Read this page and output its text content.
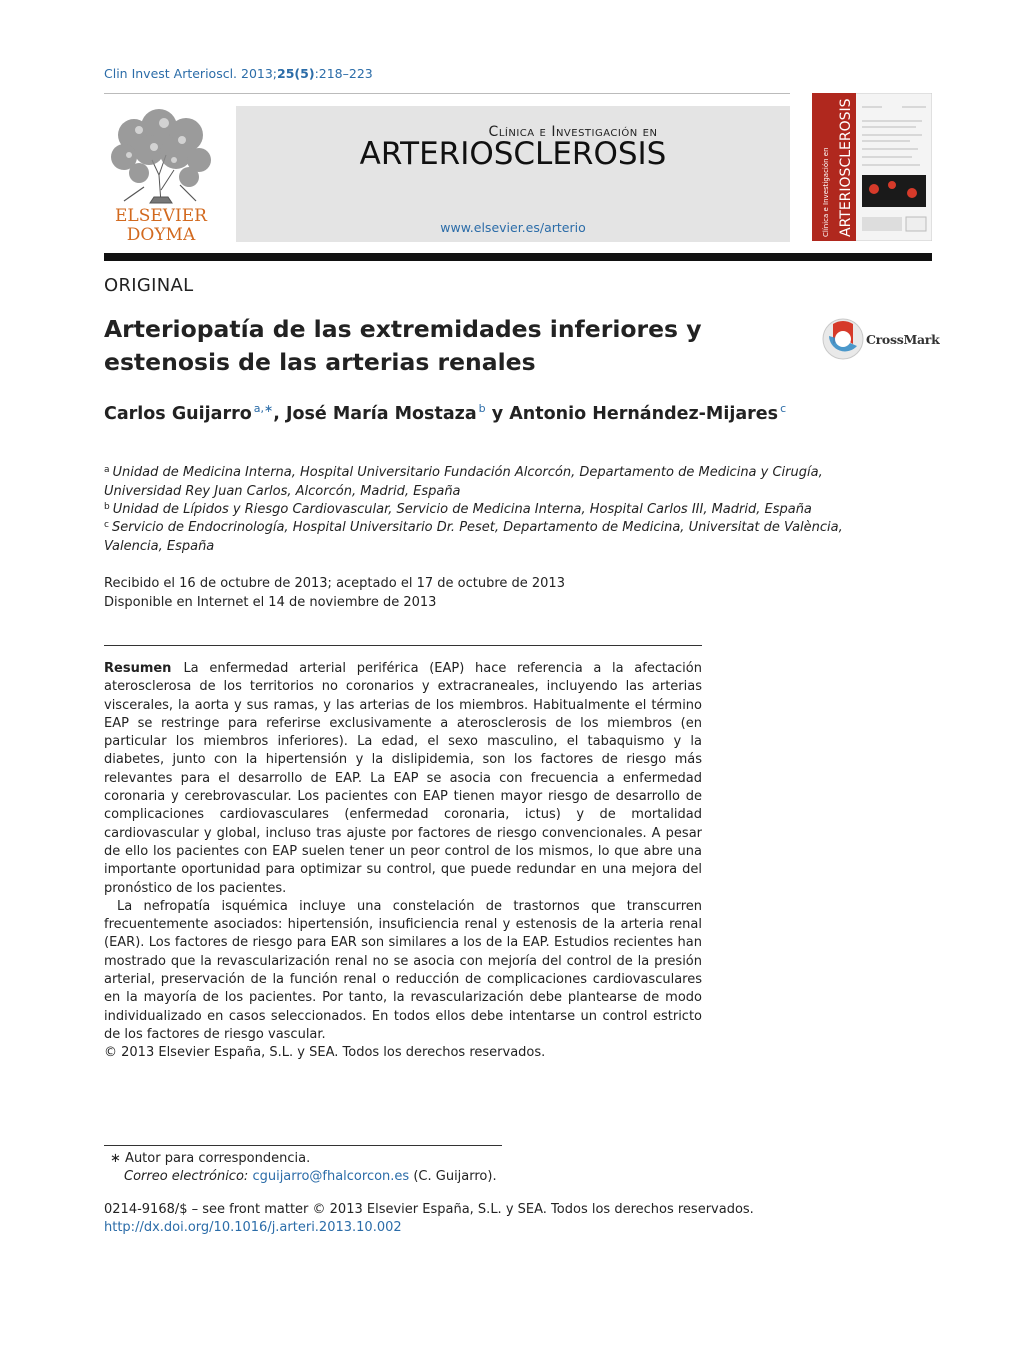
Clin Invest Arterioscl. 2013;25(5):218–223
ELSEVIER
DOYMA
Clínica e Investigación en
ARTERIOSCLEROSIS
www.elsevier.es/arterio	ARTERIOSCLEROSIS
Clínica e Investigación en
ORIGINAL
Arteriopatía de las extremidades inferiores y estenosis de las arterias renales
CrossMark
Carlos Guijarro $^{a,∗}$, José María Mostaza $^b$ y Antonio Hernández-Mijares $^c$
$^a$ Unidad de Medicina Interna, Hospital Universitario Fundación Alcorcón, Departamento de Medicina y Cirugía, Universidad Rey Juan Carlos, Alcorcón, Madrid, España
$^b$ Unidad de Lípidos y Riesgo Cardiovascular, Servicio de Medicina Interna, Hospital Carlos III, Madrid, España
$^c$ Servicio de Endocrinología, Hospital Universitario Dr. Peset, Departamento de Medicina, Universitat de València, Valencia, España
Recibido el 16 de octubre de 2013; aceptado el 17 de octubre de 2013
Disponible en Internet el 14 de noviembre de 2013

Resumen La enfermedad arterial periférica (EAP) hace referencia a la afectación aterosclerosa de los territorios no coronarios y extracraneales, incluyendo las arterias viscerales, la aorta y sus ramas, y las arterias de los miembros. Habitualmente el término EAP se restringe para referirse exclusivamente a aterosclerosis de los miembros (en particular los miembros inferiores). La edad, el sexo masculino, el tabaquismo y la diabetes, junto con la hipertensión y la dislipidemia, son los factores de riesgo más relevantes para el desarrollo de EAP. La EAP se asocia con frecuencia a enfermedad coronaria y cerebrovascular. Los pacientes con EAP tienen mayor riesgo de desarrollo de complicaciones cardiovasculares (enfermedad coronaria, ictus) y de mortalidad cardiovascular y global, incluso tras ajuste por factores de riesgo convencionales. A pesar de ello los pacientes con EAP suelen tener un peor control de los mismos, lo que abre una importante oportunidad para optimizar su control, que puede redundar en una mejora del pronóstico de los pacientes.

La nefropatía isquémica incluye una constelación de trastornos que transcurren frecuentemente asociados: hipertensión, insuficiencia renal y estenosis de la arteria renal (EAR). Los factores de riesgo para EAR son similares a los de la EAP. Estudios recientes han mostrado que la revascularización renal no se asocia con mejoría del control de la presión arterial, preservación de la función renal o reducción de complicaciones cardiovasculares en la mayoría de los pacientes. Por tanto, la revascularización debe plantearse de modo individualizado en casos seleccionados. En todos ellos debe intentarse un control estricto de los factores de riesgo vascular.

© 2013 Elsevier España, S.L. y SEA. Todos los derechos reservados.

∗ Autor para correspondencia.
Correo electrónico: cguijarro@fhalcorcon.es (C. Guijarro).
0214-9168/$ – see front matter © 2013 Elsevier España, S.L. y SEA. Todos los derechos reservados.
http://dx.doi.org/10.1016/j.arteri.2013.10.002
